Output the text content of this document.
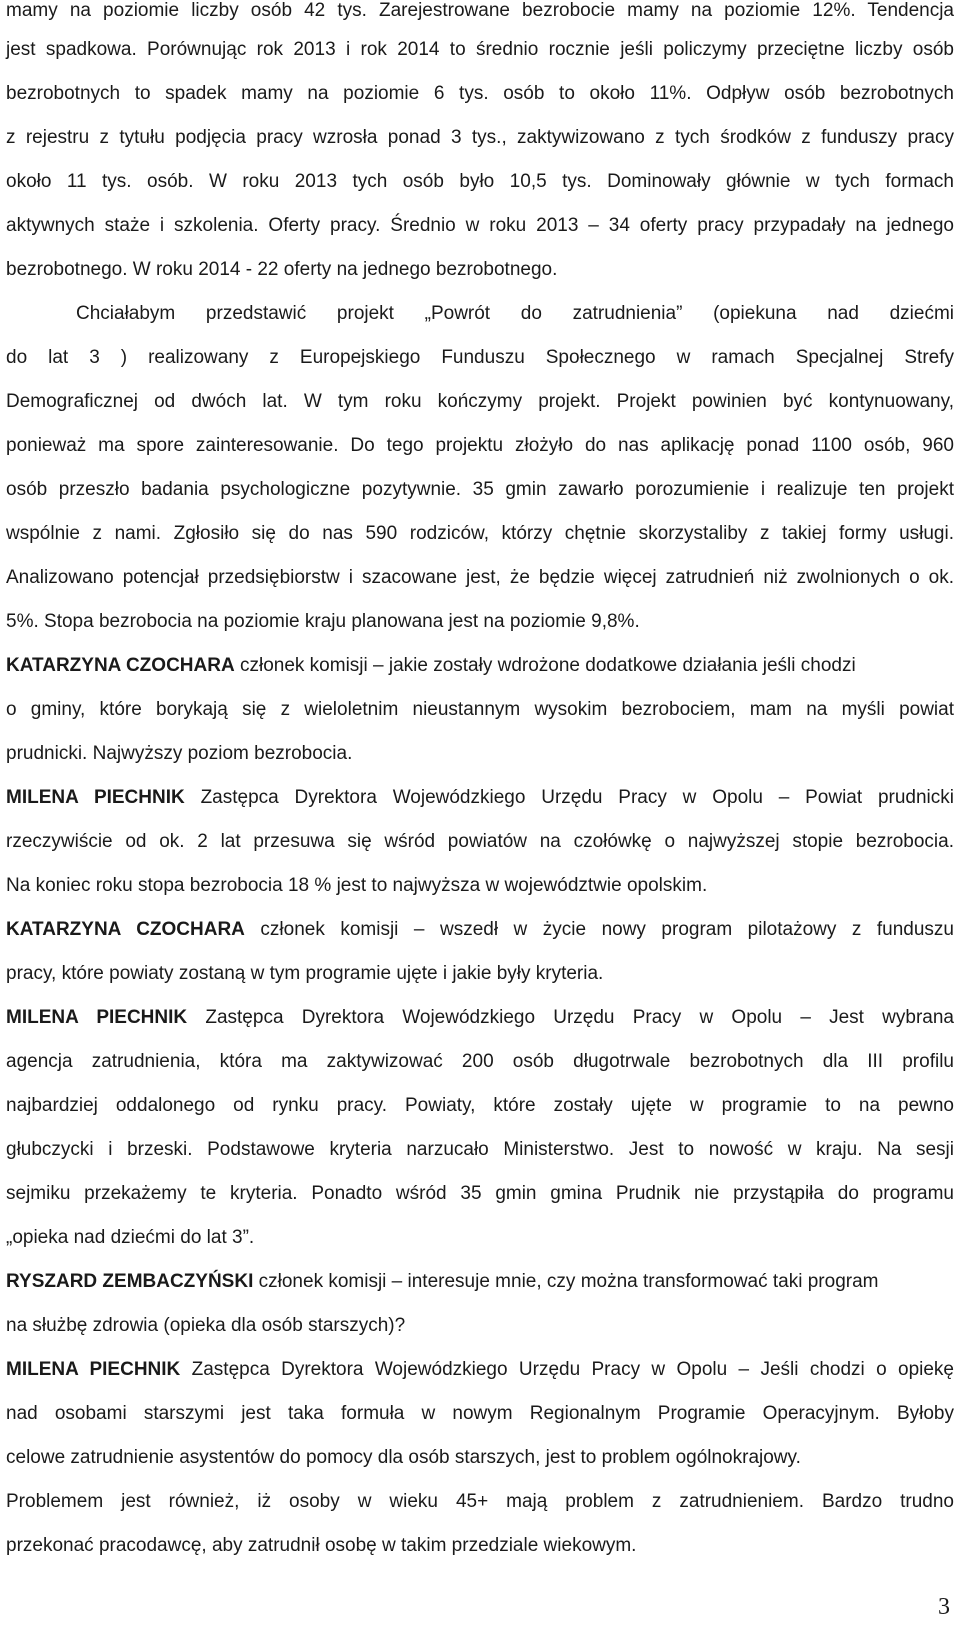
mamy na poziomie liczby osób 42 tys. Zarejestrowane bezrobocie mamy na poziomie 12%. Tendencja
jest spadkowa. Porównując rok 2013 i rok 2014 to średnio rocznie jeśli policzymy przeciętne liczby osób
bezrobotnych to spadek mamy na poziomie 6 tys. osób to około 11%. Odpływ osób bezrobotnych
z rejestru z tytułu podjęcia pracy wzrosła ponad 3 tys., zaktywizowano z tych środków z funduszy pracy
około 11 tys. osób. W roku 2013 tych osób było 10,5 tys. Dominowały głównie w tych formach
aktywnych staże i szkolenia. Oferty pracy. Średnio w roku 2013 – 34 oferty pracy przypadały na jednego
bezrobotnego. W roku 2014 - 22 oferty na jednego bezrobotnego.
Chciałabym przedstawić projekt „Powrót do zatrudnienia” (opiekuna nad dziećmi
do lat 3 ) realizowany z Europejskiego Funduszu Społecznego w ramach Specjalnej Strefy
Demograficznej od dwóch lat. W tym roku kończymy projekt. Projekt powinien być kontynuowany,
ponieważ ma spore zainteresowanie. Do tego projektu złożyło do nas aplikację ponad 1100 osób, 960
osób przeszło badania psychologiczne pozytywnie. 35 gmin zawarło porozumienie i realizuje ten projekt
wspólnie z nami. Zgłosiło się do nas 590 rodziców, którzy chętnie skorzystaliby z takiej formy usługi.
Analizowano potencjał przedsiębiorstw i szacowane jest, że będzie więcej zatrudnień niż zwolnionych o ok.
5%. Stopa bezrobocia na poziomie kraju planowana jest na poziomie 9,8%.
KATARZYNA CZOCHARA członek komisji – jakie zostały wdrożone dodatkowe działania jeśli chodzi
o gminy, które borykają się z wieloletnim nieustannym wysokim bezrobociem, mam na myśli powiat
prudnicki. Najwyższy poziom bezrobocia.
MILENA PIECHNIK Zastępca Dyrektora Wojewódzkiego Urzędu Pracy w Opolu – Powiat prudnicki
rzeczywiście od ok. 2 lat przesuwa się wśród powiatów na czołówkę o najwyższej stopie bezrobocia.
Na koniec roku stopa bezrobocia 18 % jest to najwyższa w województwie opolskim.
KATARZYNA CZOCHARA członek komisji – wszedł w życie nowy program pilotażowy z funduszu
pracy, które powiaty zostaną w tym programie ujęte i jakie były kryteria.
MILENA PIECHNIK Zastępca Dyrektora Wojewódzkiego Urzędu Pracy w Opolu – Jest wybrana
agencja zatrudnienia, która ma zaktywizować 200 osób długotrwale bezrobotnych dla III profilu
najbardziej oddalonego od rynku pracy. Powiaty, które zostały ujęte w programie to na pewno
głubczycki i brzeski. Podstawowe kryteria narzucało Ministerstwo. Jest to nowość w kraju. Na sesji
sejmiku przekażemy te kryteria. Ponadto wśród 35 gmin gmina Prudnik nie przystąpiła do programu
„opieka nad dziećmi do lat 3”.
RYSZARD ZEMBACZYŃSKI członek komisji – interesuje mnie, czy można transformować taki program
na służbę zdrowia (opieka dla osób starszych)?
MILENA PIECHNIK Zastępca Dyrektora Wojewódzkiego Urzędu Pracy w Opolu – Jeśli chodzi o opiekę
nad osobami starszymi jest taka formuła w nowym Regionalnym Programie Operacyjnym. Byłoby
celowe zatrudnienie asystentów do pomocy dla osób starszych, jest to problem ogólnokrajowy.
Problemem jest również, iż osoby w wieku 45+ mają problem z zatrudnieniem. Bardzo trudno
przekonać pracodawcę, aby zatrudnił osobę w takim przedziale wiekowym.
3
